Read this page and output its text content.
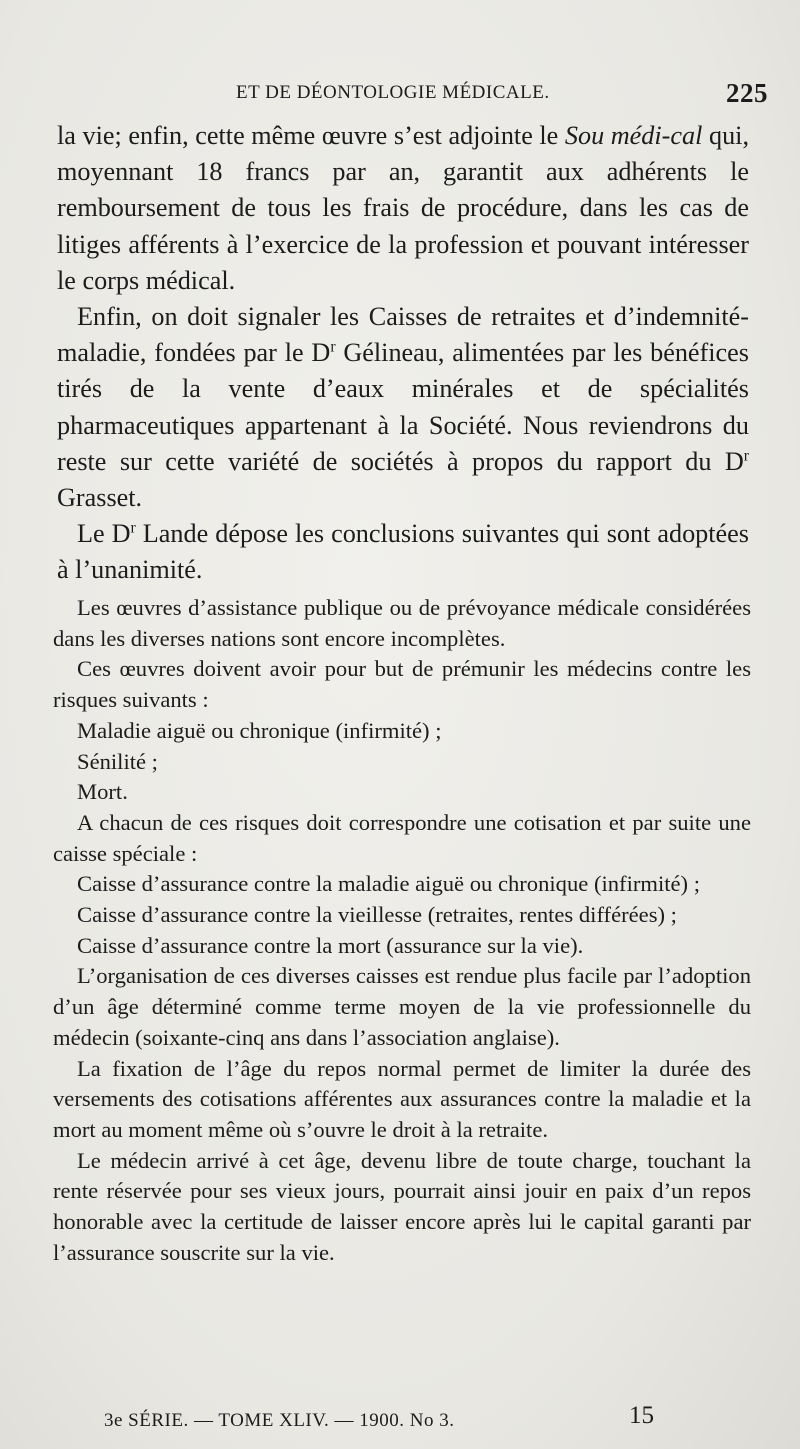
ET DE DÉONTOLOGIE MÉDICALE.	225

la vie; enfin, cette même œuvre s’est adjointe le Sou médi-cal qui, moyennant 18 francs par an, garantit aux adhérents le remboursement de tous les frais de procédure, dans les cas de litiges afférents à l’exercice de la profession et pouvant intéresser le corps médical.

Enfin, on doit signaler les Caisses de retraites et d’indemnité-maladie, fondées par le $D^r$ Gélineau, alimentées par les bénéfices tirés de la vente d’eaux minérales et de spécialités pharmaceutiques appartenant à la Société. Nous reviendrons du reste sur cette variété de sociétés à propos du rapport du $D^r$ Grasset.

Le $D^r$ Lande dépose les conclusions suivantes qui sont adoptées à l’unanimité.

Les œuvres d’assistance publique ou de prévoyance médicale considérées dans les diverses nations sont encore incomplètes.

Ces œuvres doivent avoir pour but de prémunir les médecins contre les risques suivants :

Maladie aiguë ou chronique (infirmité) ;

Sénilité ;

Mort.

A chacun de ces risques doit correspondre une cotisation et par suite une caisse spéciale :

Caisse d’assurance contre la maladie aiguë ou chronique (infirmité) ;

Caisse d’assurance contre la vieillesse (retraites, rentes différées) ;

Caisse d’assurance contre la mort (assurance sur la vie).

L’organisation de ces diverses caisses est rendue plus facile par l’adoption d’un âge déterminé comme terme moyen de la vie professionnelle du médecin (soixante-cinq ans dans l’association anglaise).

La fixation de l’âge du repos normal permet de limiter la durée des versements des cotisations afférentes aux assurances contre la maladie et la mort au moment même où s’ouvre le droit à la retraite.

Le médecin arrivé à cet âge, devenu libre de toute charge, touchant la rente réservée pour ses vieux jours, pourrait ainsi jouir en paix d’un repos honorable avec la certitude de laisser encore après lui le capital garanti par l’assurance souscrite sur la vie.

3e SÉRIE. — TOME XLIV. — 1900. No 3.	15
